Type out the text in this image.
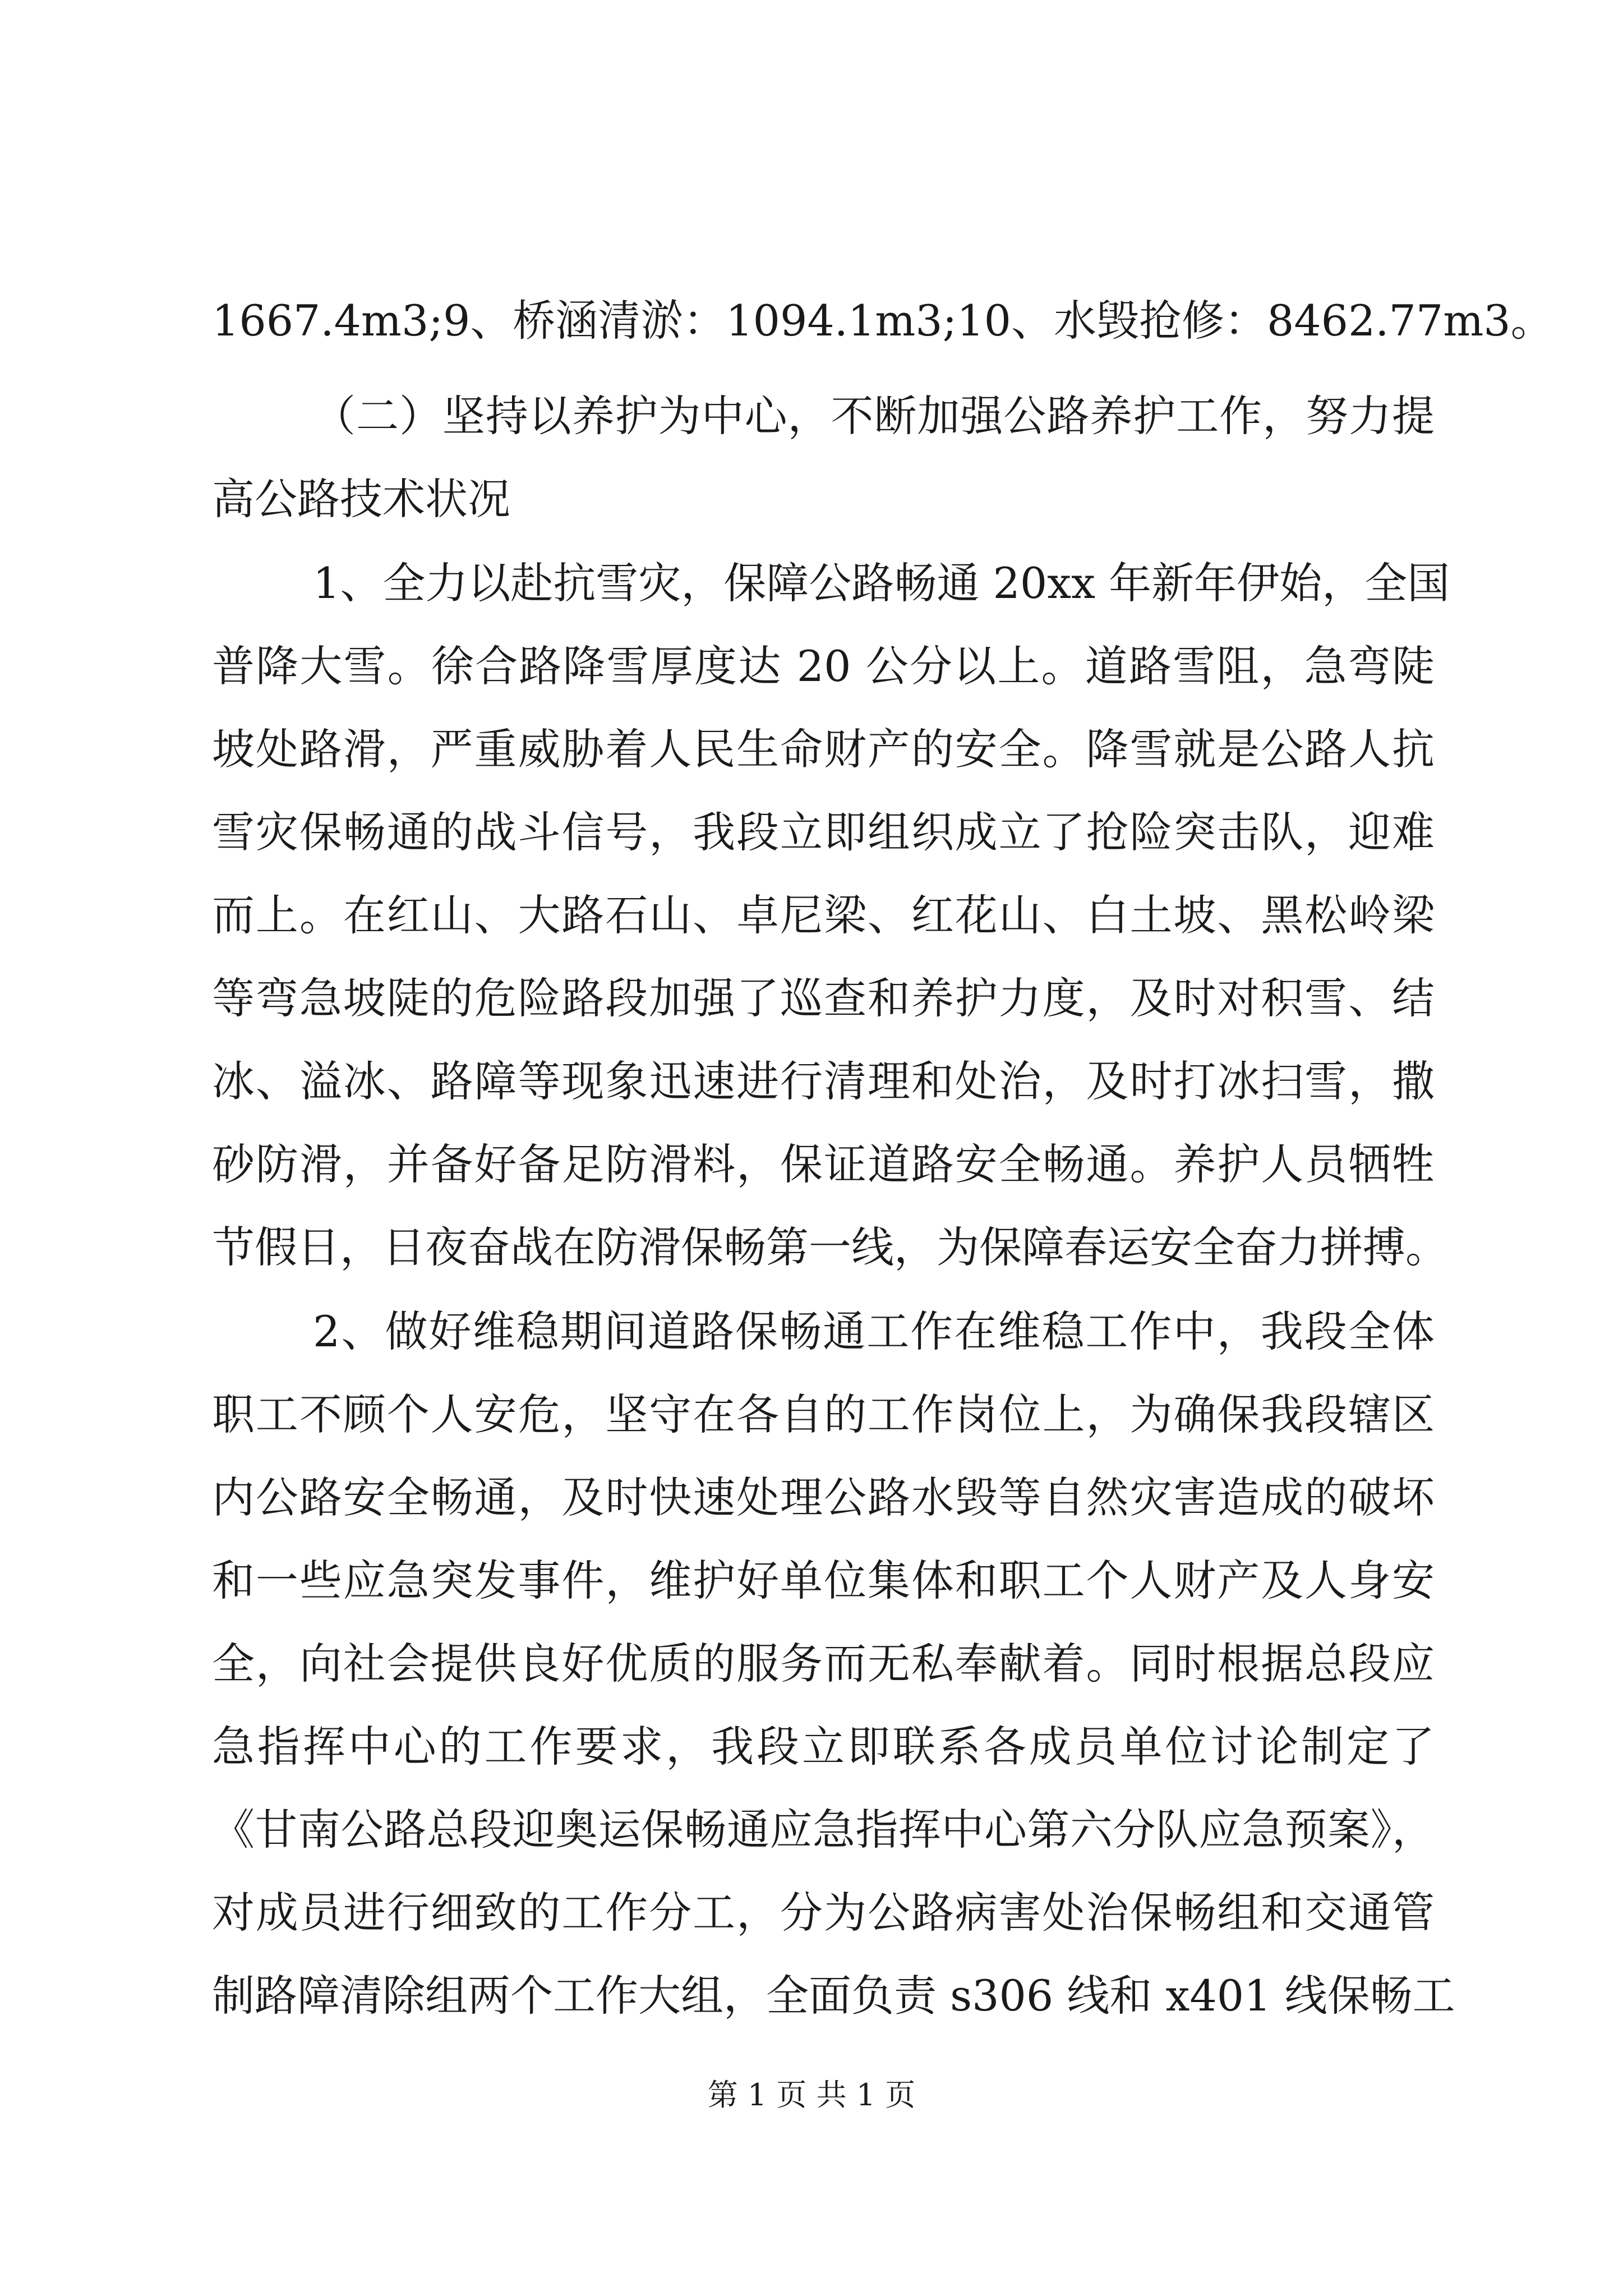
1667.4m3;9、桥涵清淤：1094.1m3;10、水毁抢修：8462.77m3。
（二）坚持以养护为中心，不断加强公路养护工作，努力提
高公路技术状况
1、全力以赴抗雪灾，保障公路畅通 20xx 年新年伊始，全国
普降大雪。徐合路降雪厚度达 20 公分以上。道路雪阻，急弯陡
坡处路滑，严重威胁着人民生命财产的安全。降雪就是公路人抗
雪灾保畅通的战斗信号，我段立即组织成立了抢险突击队，迎难
而上。在红山、大路石山、卓尼梁、红花山、白土坡、黑松岭梁
等弯急坡陡的危险路段加强了巡查和养护力度，及时对积雪、结
冰、溢冰、路障等现象迅速进行清理和处治，及时打冰扫雪，撒
砂防滑，并备好备足防滑料，保证道路安全畅通。养护人员牺牲
节假日，日夜奋战在防滑保畅第一线，为保障春运安全奋力拼搏。
2、做好维稳期间道路保畅通工作在维稳工作中，我段全体
职工不顾个人安危，坚守在各自的工作岗位上，为确保我段辖区
内公路安全畅通，及时快速处理公路水毁等自然灾害造成的破坏
和一些应急突发事件，维护好单位集体和职工个人财产及人身安
全，向社会提供良好优质的服务而无私奉献着。同时根据总段应
急指挥中心的工作要求，我段立即联系各成员单位讨论制定了
《甘南公路总段迎奥运保畅通应急指挥中心第六分队应急预案》，
对成员进行细致的工作分工，分为公路病害处治保畅组和交通管
制路障清除组两个工作大组，全面负责 s306 线和 x401 线保畅工
第 1 页 共 1 页
